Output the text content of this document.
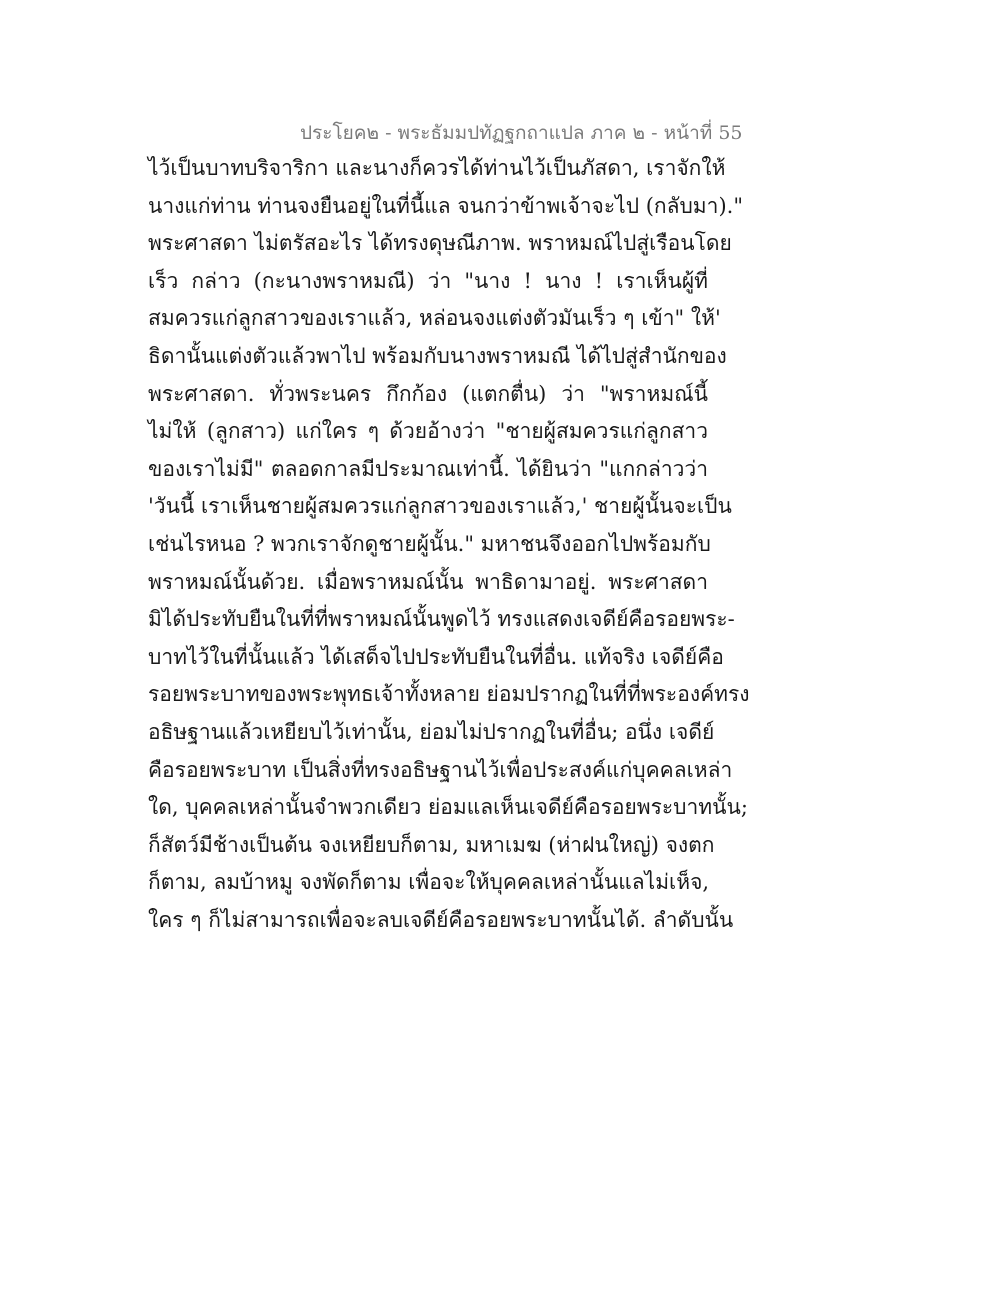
ประโยค๒ - พระธัมมปทัฏฐกถาแปล ภาค ๒ - หน้าที่ 55
ไว้เป็นบาทบริจาริกา และนางก็ควรได้ท่านไว้เป็นภัสดา, เราจักให้
นางแก่ท่าน ท่านจงยืนอยู่ในที่นี้แล จนกว่าข้าพเจ้าจะไป (กลับมา)."
พระศาสดา ไม่ตรัสอะไร ได้ทรงดุษณีภาพ. พราหมณ์ไปสู่เรือนโดย
เร็ว กล่าว (กะนางพราหมณี) ว่า "นาง ! นาง ! เราเห็นผู้ที่
สมควรแก่ลูกสาวของเราแล้ว, หล่อนจงแต่งตัวมันเร็ว ๆ เข้า" ให้'
ธิดานั้นแต่งตัวแล้วพาไป พร้อมกับนางพราหมณี ได้ไปสู่สำนักของ
พระศาสดา. ทั่วพระนคร กึกก้อง (แตกตื่น) ว่า "พราหมณ์นี้
ไม่ให้ (ลูกสาว) แก่ใคร ๆ ด้วยอ้างว่า "ชายผู้สมควรแก่ลูกสาว
ของเราไม่มี" ตลอดกาลมีประมาณเท่านี้. ได้ยินว่า "แกกล่าวว่า
'วันนี้ เราเห็นชายผู้สมควรแก่ลูกสาวของเราแล้ว,' ชายผู้นั้นจะเป็น
เช่นไรหนอ ? พวกเราจักดูชายผู้นั้น." มหาชนจึงออกไปพร้อมกับ
พราหมณ์นั้นด้วย. เมื่อพราหมณ์นั้น พาธิดามาอยู่. พระศาสดา
มิได้ประทับยืนในที่ที่พราหมณ์นั้นพูดไว้ ทรงแสดงเจดีย์คือรอยพระ-
บาทไว้ในที่นั้นแล้ว ได้เสด็จไปประทับยืนในที่อื่น. แท้จริง เจดีย์คือ
รอยพระบาทของพระพุทธเจ้าทั้งหลาย ย่อมปรากฏในที่ที่พระองค์ทรง
อธิษฐานแล้วเหยียบไว้เท่านั้น, ย่อมไม่ปรากฏในที่อื่น; อนึ่ง เจดีย์
คือรอยพระบาท เป็นสิ่งที่ทรงอธิษฐานไว้เพื่อประสงค์แก่บุคคลเหล่า
ใด, บุคคลเหล่านั้นจำพวกเดียว ย่อมแลเห็นเจดีย์คือรอยพระบาทนั้น;
ก็สัตว์มีช้างเป็นต้น จงเหยียบก็ตาม, มหาเมฆ (ห่าฝนใหญ่) จงตก
ก็ตาม, ลมบ้าหมู จงพัดก็ตาม เพื่อจะให้บุคคลเหล่านั้นแลไม่เห็จ,
ใคร ๆ ก็ไม่สามารถเพื่อจะลบเจดีย์คือรอยพระบาทนั้นได้. ลำดับนั้น
